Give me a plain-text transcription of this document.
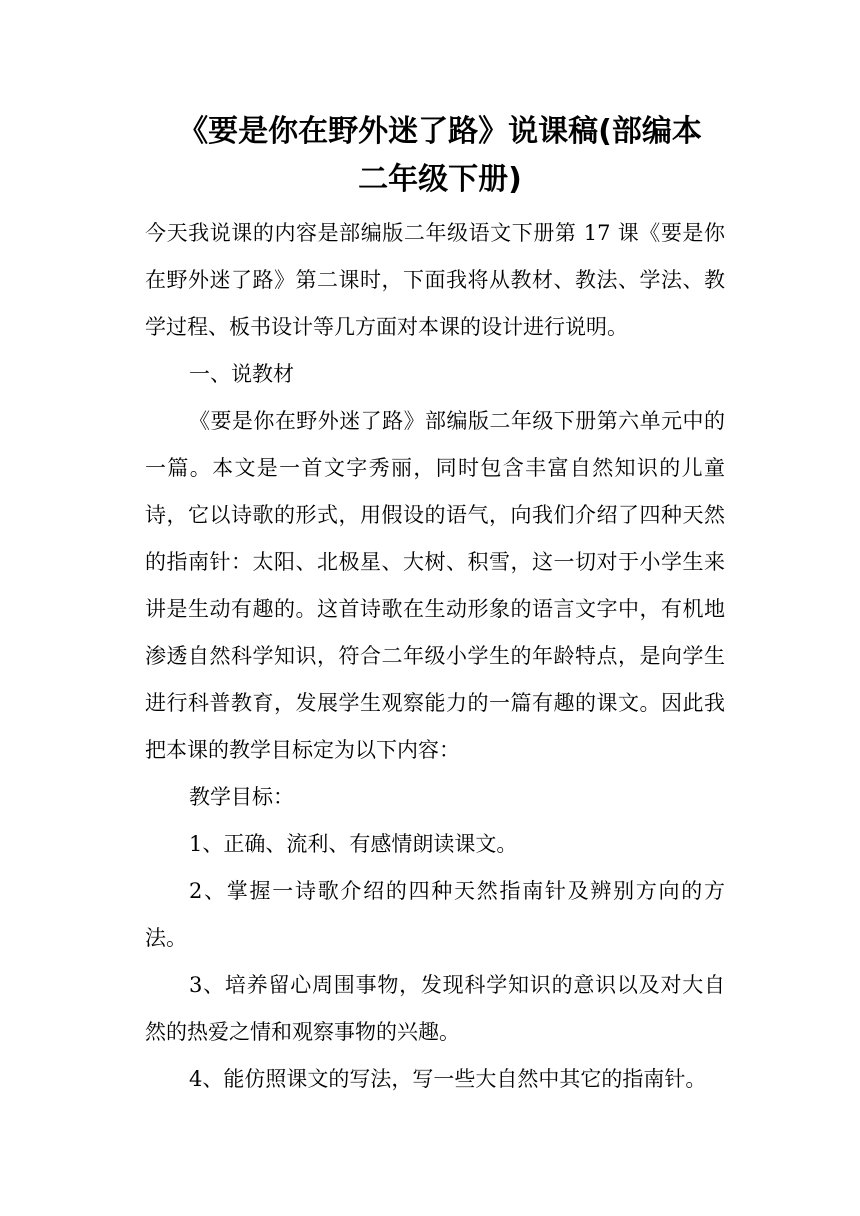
《要是你在野外迷了路》说课稿(部编本
二年级下册)

今天我说课的内容是部编版二年级语文下册第 17 课《要是你在野外迷了路》第二课时，下面我将从教材、教法、学法、教学过程、板书设计等几方面对本课的设计进行说明。

一、说教材

《要是你在野外迷了路》部编版二年级下册第六单元中的一篇。本文是一首文字秀丽，同时包含丰富自然知识的儿童诗，它以诗歌的形式，用假设的语气，向我们介绍了四种天然的指南针：太阳、北极星、大树、积雪，这一切对于小学生来讲是生动有趣的。这首诗歌在生动形象的语言文字中，有机地渗透自然科学知识，符合二年级小学生的年龄特点，是向学生进行科普教育，发展学生观察能力的一篇有趣的课文。因此我把本课的教学目标定为以下内容：

教学目标：

1、正确、流利、有感情朗读课文。

2、掌握一诗歌介绍的四种天然指南针及辨别方向的方法。

3、培养留心周围事物，发现科学知识的意识以及对大自然的热爱之情和观察事物的兴趣。

4、能仿照课文的写法，写一些大自然中其它的指南针。
